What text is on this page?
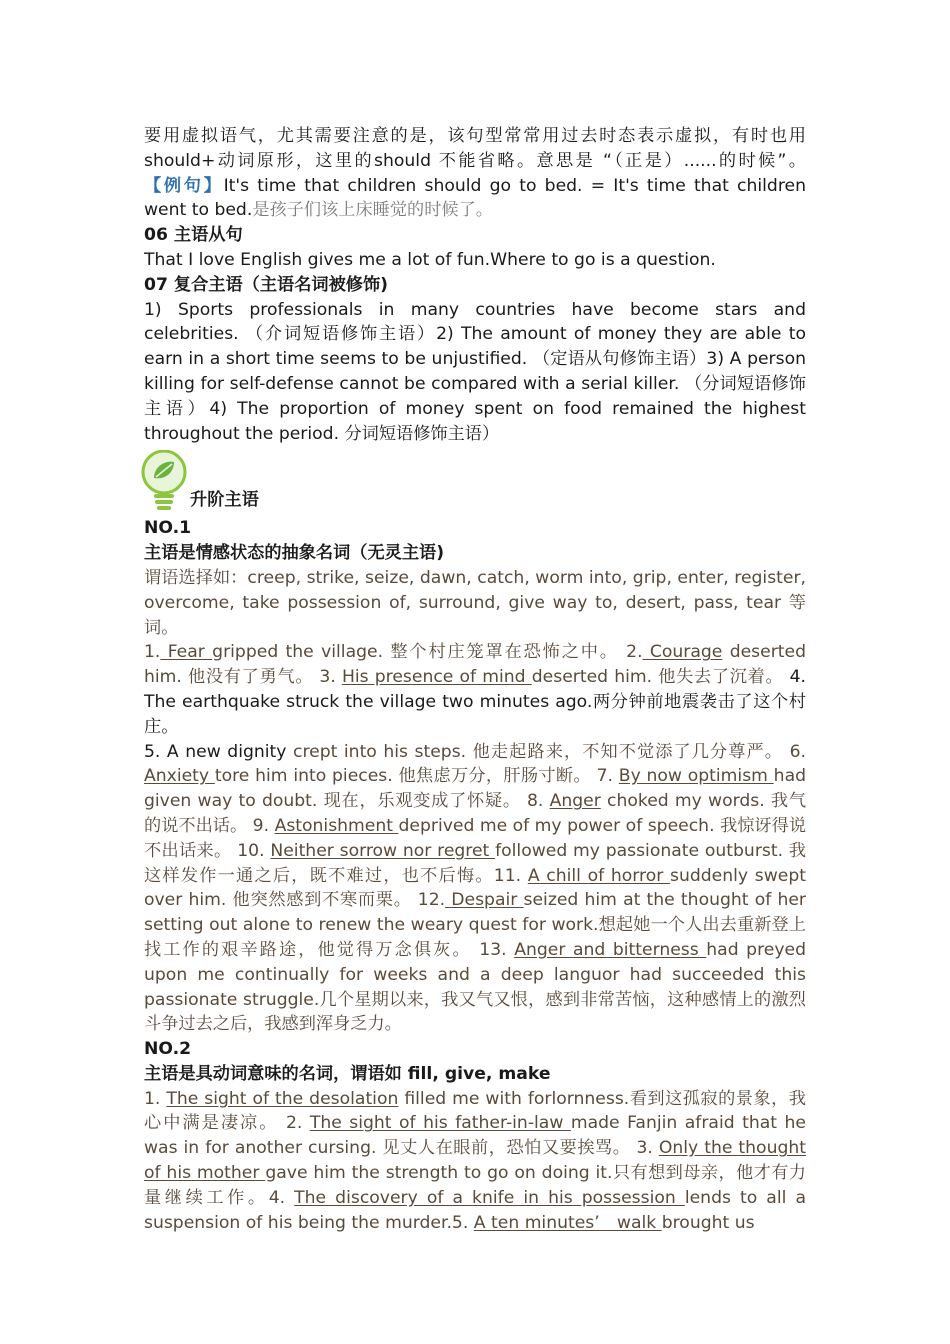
要用虚拟语气，尤其需要注意的是，该句型常常用过去时态表示虚拟，有时也用should+动词原形，这里的should 不能省略。意思是 “（正是）......的时候”。 【例句】It's time that children should go to bed. = It's time that children went to bed.是孩子们该上床睡觉的时候了。

06 主语从句

That I love English gives me a lot of fun.Where to go is a question.

07 复合主语（主语名词被修饰)

1) Sports professionals in many countries have become stars and celebrities. （介词短语修饰主语）2) The amount of money they are able to earn in a short time seems to be unjustified. （定语从句修饰主语）3) A person killing for self-defense cannot be compared with a serial killer. （分词短语修饰主语）4) The proportion of money spent on food remained the highest throughout the period. 分词短语修饰主语）

升阶主语

NO.1

主语是情感状态的抽象名词（无灵主语)

谓语选择如：creep, strike, seize, dawn, catch, worm into, grip, enter, register, overcome, take possession of, surround, give way to, desert, pass, tear 等词。

1. Fear gripped the village. 整个村庄笼罩在恐怖之中。 2. Courage deserted him. 他没有了勇气。 3. His presence of mind deserted him. 他失去了沉着。 4. The earthquake struck the village two minutes ago.两分钟前地震袭击了这个村庄。

5. A new dignity crept into his steps. 他走起路来，不知不觉添了几分尊严。 6. Anxiety tore him into pieces. 他焦虑万分，肝肠寸断。 7. By now optimism had given way to doubt. 现在，乐观变成了怀疑。 8. Anger choked my words. 我气的说不出话。 9. Astonishment deprived me of my power of speech. 我惊讶得说不出话来。 10. Neither sorrow nor regret followed my passionate outburst. 我这样发作一通之后，既不难过，也不后悔。11. A chill of horror suddenly swept over him. 他突然感到不寒而栗。 12. Despair seized him at the thought of her setting out alone to renew the weary quest for work.想起她一个人出去重新登上找工作的艰辛路途，他觉得万念俱灰。 13. Anger and bitterness had preyed upon me continually for weeks and a deep languor had succeeded this passionate struggle.几个星期以来，我又气又恨，感到非常苦恼，这种感情上的激烈斗争过去之后，我感到浑身乏力。

NO.2

主语是具动词意味的名词，谓语如 fill, give, make

1. The sight of the desolation filled me with forlornness.看到这孤寂的景象，我心中满是凄凉。 2. The sight of his father-in-law made Fanjin afraid that he was in for another cursing. 见丈人在眼前，恐怕又要挨骂。 3. Only the thought of his mother gave him the strength to go on doing it.只有想到母亲，他才有力量继续工作。4. The discovery of a knife in his possession lends to all a suspension of his being the murder.5. A ten minutes’　walk brought us
